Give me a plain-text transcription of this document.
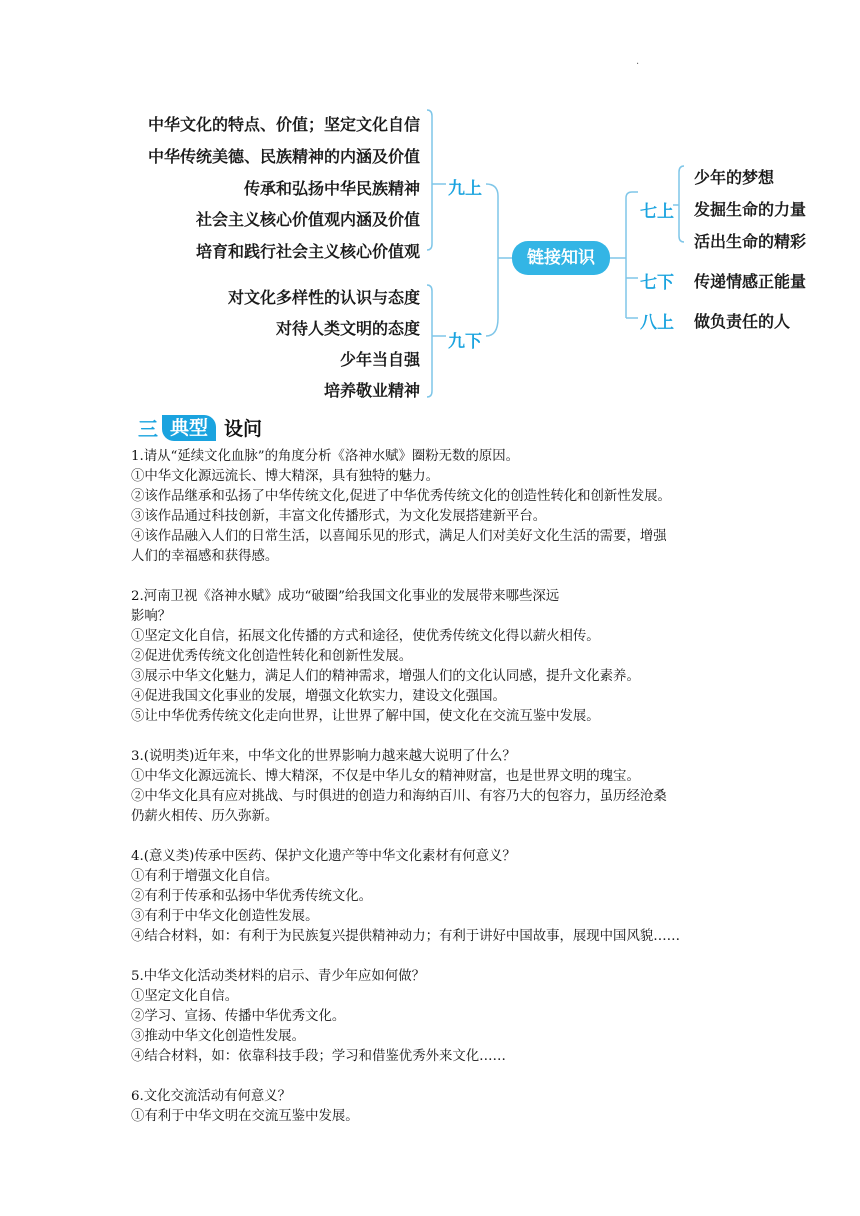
.
中华文化的特点、价值；坚定文化自信
中华传统美德、民族精神的内涵及价值
传承和弘扬中华民族精神
社会主义核心价值观内涵及价值
培育和践行社会主义核心价值观
对文化多样性的认识与态度
对待人类文明的态度
少年当自强
培养敬业精神
九上
九下
链接知识
七上
七下
八上
少年的梦想
发掘生命的力量
活出生命的精彩
传递情感正能量
做负责任的人
三 典型 设问

1.请从“延续文化血脉”的角度分析《洛神水赋》圈粉无数的原因。

①中华文化源远流长、博大精深，具有独特的魅力。

②该作品继承和弘扬了中华传统文化,促进了中华优秀传统文化的创造性转化和创新性发展。

③该作品通过科技创新，丰富文化传播形式，为文化发展搭建新平台。

④该作品融入人们的日常生活，以喜闻乐见的形式，满足人们对美好文化生活的需要，增强

人们的幸福感和获得感。

2.河南卫视《洛神水赋》成功“破圈”给我国文化事业的发展带来哪些深远

影响？

①坚定文化自信，拓展文化传播的方式和途径，使优秀传统文化得以薪火相传。

②促进优秀传统文化创造性转化和创新性发展。

③展示中华文化魅力，满足人们的精神需求，增强人们的文化认同感，提升文化素养。

④促进我国文化事业的发展，增强文化软实力，建设文化强国。

⑤让中华优秀传统文化走向世界，让世界了解中国，使文化在交流互鉴中发展。

3.(说明类)近年来，中华文化的世界影响力越来越大说明了什么？

①中华文化源远流长、博大精深，不仅是中华儿女的精神财富，也是世界文明的瑰宝。

②中华文化具有应对挑战、与时俱进的创造力和海纳百川、有容乃大的包容力，虽历经沧桑

仍薪火相传、历久弥新。

4.(意义类)传承中医药、保护文化遗产等中华文化素材有何意义？

①有利于增强文化自信。

②有利于传承和弘扬中华优秀传统文化。

③有利于中华文化创造性发展。

④结合材料，如：有利于为民族复兴提供精神动力；有利于讲好中国故事，展现中国风貌……

5.中华文化活动类材料的启示、青少年应如何做？

①坚定文化自信。

②学习、宣扬、传播中华优秀文化。

③推动中华文化创造性发展。

④结合材料，如：依靠科技手段；学习和借鉴优秀外来文化……

6.文化交流活动有何意义？

①有利于中华文明在交流互鉴中发展。
